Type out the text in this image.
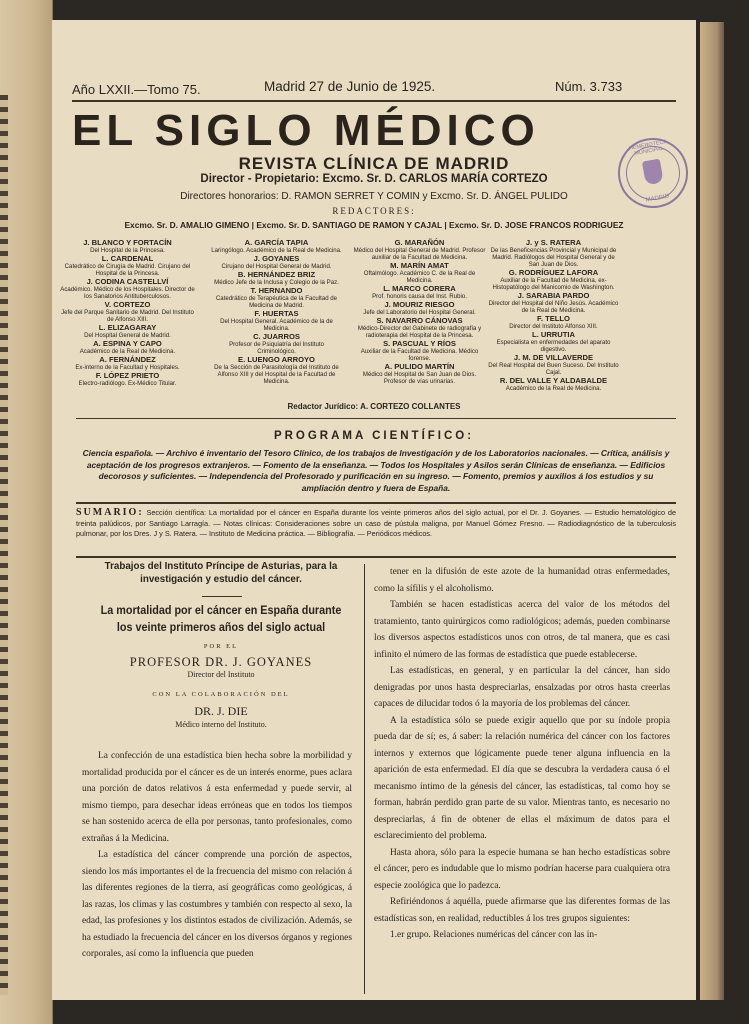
Año LXXII.—Tomo 75.	Madrid 27 de Junio de 1925.	Núm. 3.733
EL SIGLO MÉDICO
REVISTA CLÍNICA DE MADRID
Director - Propietario: Excmo. Sr. D. CARLOS MARÍA CORTEZO
Directores honorarios: D. RAMON SERRET Y COMIN y Excmo. Sr. D. ÁNGEL PULIDO
REDACTORES:
Excmo. Sr. D. AMALIO GIMENO | Excmo. Sr. D. SANTIAGO DE RAMON Y CAJAL | Excmo. Sr. D. JOSE FRANCOS RODRIGUEZ
HEMEROTECA MUNICIPAL
MADRID
J. BLANCO Y FORTACÍN
Del Hospital de la Princesa.
L. CARDENAL
Catedrático de Cirugía de Madrid. Cirujano del Hospital de la Princesa.
J. CODINA CASTELLVÍ
Académico. Médico de los Hospitales. Director de los Sanatorios Antituberculosos.
V. CORTEZO
Jefe del Parque Sanitario de Madrid. Del Instituto de Alfonso XIII.
L. ELIZAGARAY
Del Hospital General de Madrid.
A. ESPINA Y CAPO
Académico de la Real de Medicina.
A. FERNÁNDEZ
Ex-interno de la Facultad y Hospitales.
F. LÓPEZ PRIETO
Electro-radiólogo. Ex-Médico Titular.
A. GARCÍA TAPIA
Laringólogo. Académico de la Real de Medicina.
J. GOYANES
Cirujano del Hospital General de Madrid.
B. HERNÁNDEZ BRIZ
Médico Jefe de la Inclusa y Colegio de la Paz.
T. HERNANDO
Catedrático de Terapéutica de la Facultad de Medicina de Madrid.
F. HUERTAS
Del Hospital General. Académico de la de Medicina.
C. JUARROS
Profesor de Psiquiatría del Instituto Criminológico.
E. LUENGO ARROYO
De la Sección de Parasitología del Instituto de Alfonso XIII y del Hospital de la Facultad de Medicina.
G. MARAÑÓN
Médico del Hospital General de Madrid. Profesor auxiliar de la Facultad de Medicina.
M. MARÍN AMAT
Oftalmólogo. Académico C. de la Real de Medicina.
L. MARCO CORERA
Prof. honoris causa del Inst. Rubio.
J. MOURIZ RIESGO
Jefe del Laboratorio del Hospital General.
S. NAVARRO CÁNOVAS
Médico-Director del Gabinete de radiografía y radioterapia del Hospital de la Princesa.
S. PASCUAL Y RÍOS
Auxiliar de la Facultad de Medicina. Médico forense.
A. PULIDO MARTÍN
Médico del Hospital de San Juan de Dios. Profesor de vías urinarias.
J. y S. RATERA
De las Beneficencias Provincial y Municipal de Madrid. Radiólogos del Hospital General y de San Juan de Dios.
G. RODRÍGUEZ LAFORA
Auxiliar de la Facultad de Medicina, ex-Histopatólogo del Manicomio de Washington.
J. SARABIA PARDO
Director del Hospital del Niño Jesús. Académico de la Real de Medicina.
F. TELLO
Director del Instituto Alfonso XIII.
L. URRUTIA
Especialista en enfermedades del aparato digestivo.
J. M. DE VILLAVERDE
Del Real Hospital del Buen Suceso. Del Instituto Cajal.
R. DEL VALLE Y ALDABALDE
Académico de la Real de Medicina.
Redactor Jurídico: A. CORTEZO COLLANTES
PROGRAMA CIENTÍFICO:
Ciencia española. — Archivo é inventario del Tesoro Clínico, de los trabajos de Investigación y de los Laboratorios nacionales. — Crítica, análisis y aceptación de los progresos extranjeros. — Fomento de la enseñanza. — Todos los Hospitales y Asilos serán Clínicas de enseñanza. — Edificios decorosos y suficientes. — Independencia del Profesorado y purificación en su ingreso. — Fomento, premios y auxilios á los estudios y su ampliación dentro y fuera de España.
SUMARIO: Sección científica: La mortalidad por el cáncer en España durante los veinte primeros años del siglo actual, por el Dr. J. Goyanes. — Estudio hematológico de treinta palúdicos, por Santiago Larragía. — Notas clínicas: Consideraciones sobre un caso de pústula maligna, por Manuel Gómez Fresno. — Radiodiagnóstico de la tuberculosis pulmonar, por los Dres. J y S. Ratera. — Instituto de Medicina práctica. — Bibliografía. — Periódicos médicos.
Trabajos del Instituto Príncipe de Asturias, para la investigación y estudio del cáncer.
La mortalidad por el cáncer en España durante los veinte primeros años del siglo actual
POR EL
PROFESOR DR. J. GOYANES
Director del Instituto
CON LA COLABORACIÓN DEL
DR. J. DIE
Médico interno del Instituto.

La confección de una estadística bien hecha sobre la morbilidad y mortalidad producida por el cáncer es de un interés enorme, pues aclara una porción de datos relativos á esta enfermedad y puede servir, al mismo tiempo, para desechar ideas erróneas que en todos los tiempos se han sostenido acerca de ella por personas, tanto profesionales, como extrañas á la Medicina.

La estadística del cáncer comprende una porción de aspectos, siendo los más importantes el de la frecuencia del mismo con relación á las diferentes regiones de la tierra, así geográficas como geológicas, á las razas, los climas y las costumbres y también con respecto al sexo, la edad, las profesiones y los distintos estados de civilización. Además, se ha estudiado la frecuencia del cáncer en los diversos órganos y regiones corporales, así como la influencia que pueden

tener en la difusión de este azote de la humanidad otras enfermedades, como la sífilis y el alcoholismo.

También se hacen estadísticas acerca del valor de los métodos del tratamiento, tanto quirúrgicos como radiológicos; además, pueden combinarse los diversos aspectos estadísticos unos con otros, de tal manera, que es casi infinito el número de las formas de estadística que puede establecerse.

Las estadísticas, en general, y en particular la del cáncer, han sido denigradas por unos hasta despreciarlas, ensalzadas por otros hasta creerlas capaces de dilucidar todos ó la mayoría de los problemas del cáncer.

A la estadística sólo se puede exigir aquello que por su índole propia pueda dar de sí; es, á saber: la relación numérica del cáncer con los factores internos y externos que lógicamente puede tener alguna influencia en la aparición de esta enfermedad. El día que se descubra la verdadera causa ó el mecanismo íntimo de la génesis del cáncer, las estadísticas, tal como hoy se forman, habrán perdido gran parte de su valor. Mientras tanto, es necesario no despreciarlas, á fin de obtener de ellas el máximum de datos para el esclarecimiento del problema.

Hasta ahora, sólo para la especie humana se han hecho estadísticas sobre el cáncer, pero es indudable que lo mismo podrían hacerse para cualquiera otra especie zoológica que lo padezca.

Refiriéndonos á aquélla, puede afirmarse que las diferentes formas de las estadísticas son, en realidad, reductibles á los tres grupos siguientes:

1.er grupo. Relaciones numéricas del cáncer con las in-
